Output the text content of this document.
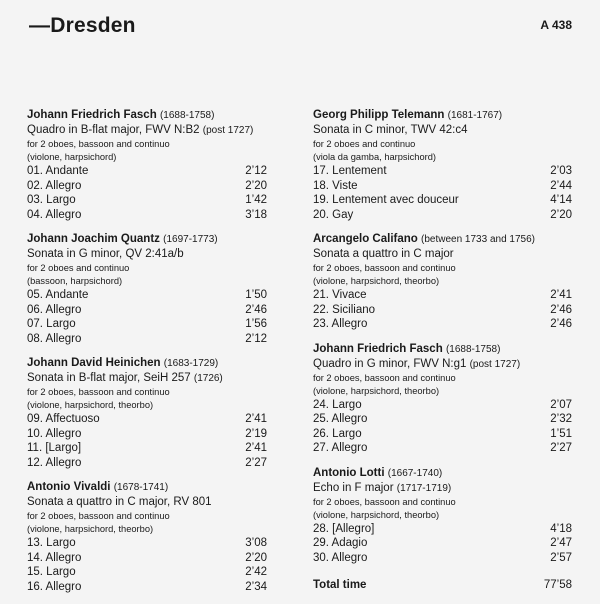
—Dresden	A 438
Johann Friedrich Fasch (1688-1758)
Quadro in B-flat major, FWV N:B2 (post 1727)
for 2 oboes, bassoon and continuo
(violone, harpsichord)
01. Andante	2’12
02. Allegro	2’20
03. Largo	1’42
04. Allegro	3’18
Johann Joachim Quantz (1697-1773)
Sonata in G minor, QV 2:41a/b
for 2 oboes and continuo
(bassoon, harpsichord)
05. Andante	1’50
06. Allegro	2’46
07. Largo	1’56
08. Allegro	2’12
Johann David Heinichen (1683-1729)
Sonata in B-flat major, SeiH 257 (1726)
for 2 oboes, bassoon and continuo
(violone, harpsichord, theorbo)
09. Affectuoso	2’41
10. Allegro	2’19
11. [Largo]	2’41
12. Allegro	2’27
Antonio Vivaldi (1678-1741)
Sonata a quattro in C major, RV 801
for 2 oboes, bassoon and continuo
(violone, harpsichord, theorbo)
13. Largo	3’08
14. Allegro	2’20
15. Largo	2’42
16. Allegro	2’34
Georg Philipp Telemann (1681-1767)
Sonata in C minor, TWV 42:c4
for 2 oboes and continuo
(viola da gamba, harpsichord)
17. Lentement	2’03
18. Viste	2’44
19. Lentement avec douceur	4’14
20. Gay	2’20
Arcangelo Califano (between 1733 and 1756)
Sonata a quattro in C major
for 2 oboes, bassoon and continuo
(violone, harpsichord, theorbo)
21. Vivace	2’41
22. Siciliano	2’46
23. Allegro	2’46
Johann Friedrich Fasch (1688-1758)
Quadro in G minor, FWV N:g1 (post 1727)
for 2 oboes, bassoon and continuo
(violone, harpsichord, theorbo)
24. Largo	2’07
25. Allegro	2’32
26. Largo	1’51
27. Allegro	2’27
Antonio Lotti (1667-1740)
Echo in F major (1717-1719)
for 2 oboes, bassoon and continuo
(violone, harpsichord, theorbo)
28. [Allegro]	4’18
29. Adagio	2’47
30. Allegro	2’57
Total time	77’58
